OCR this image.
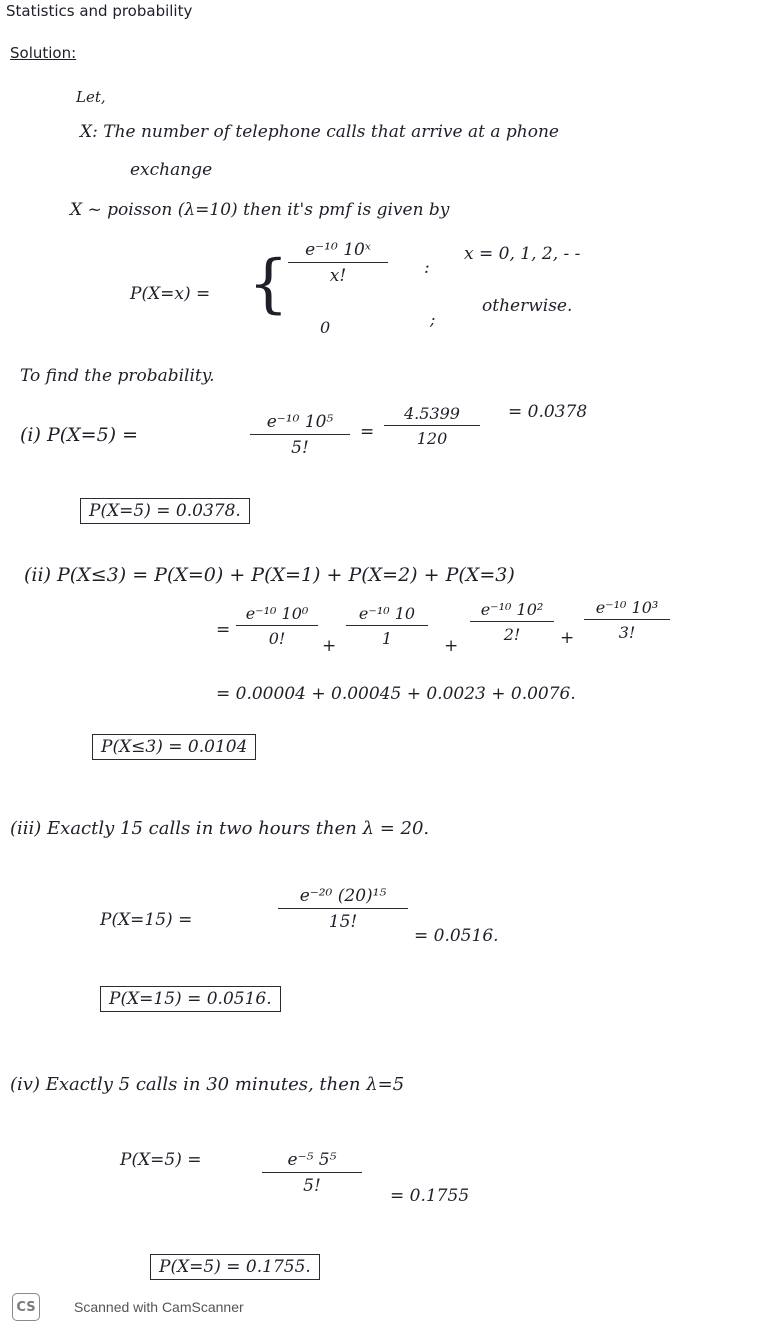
Statistics and probability
Solution:
Let,
X: The number of telephone calls that arrive at a phone
exchange
X ~ poisson (λ=10) then it's pmf is given by
P(X=x) = { e⁻¹⁰ 10ˣ
x!	:
x = 0, 1, 2, - -
0	;
otherwise.
To find the probability.
(i) P(X=5) =
e⁻¹⁰ 10⁵
5!
=
4.5399
120
= 0.0378
P(X=5) = 0.0378.
(ii) P(X≤3) = P(X=0) + P(X=1) + P(X=2) + P(X=3)
=
e⁻¹⁰ 10⁰
0!	+
e⁻¹⁰ 10
1	+
e⁻¹⁰ 10²
2!	+
e⁻¹⁰ 10³
3!
= 0.00004 + 0.00045 + 0.0023 + 0.0076.
P(X≤3) = 0.0104
(iii) Exactly 15 calls in two hours then λ = 20.
P(X=15) =
e⁻²⁰ (20)¹⁵
15!
= 0.0516.
P(X=15) = 0.0516.
(iv) Exactly 5 calls in 30 minutes, then λ=5
P(X=5) =	e⁻⁵ 5⁵
5!	= 0.1755
P(X=5) = 0.1755.
CS	Scanned with CamScanner
